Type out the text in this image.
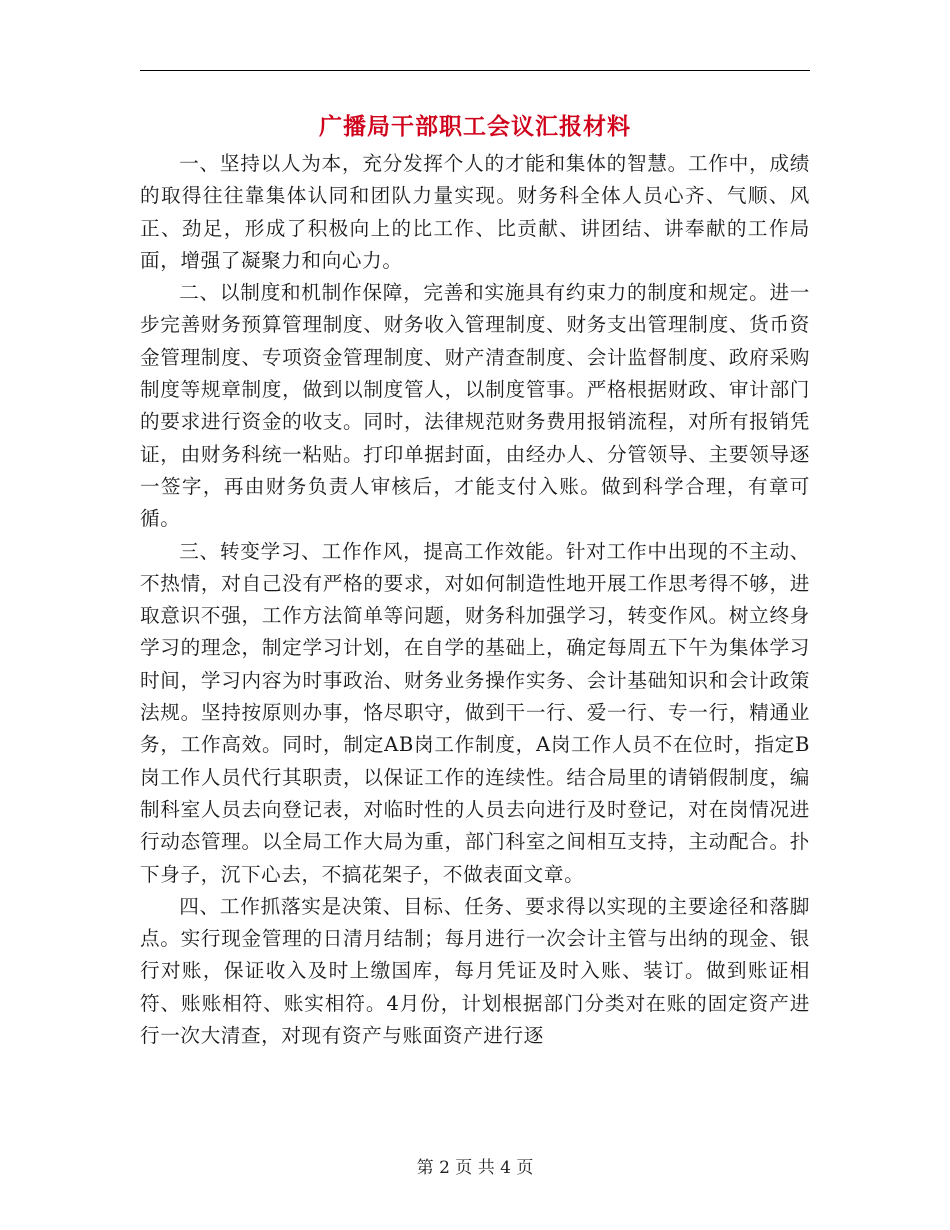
广播局干部职工会议汇报材料

一、坚持以人为本，充分发挥个人的才能和集体的智慧。工作中，成绩的取得往往靠集体认同和团队力量实现。财务科全体人员心齐、气顺、风正、劲足，形成了积极向上的比工作、比贡献、讲团结、讲奉献的工作局面，增强了凝聚力和向心力。

二、以制度和机制作保障，完善和实施具有约束力的制度和规定。进一步完善财务预算管理制度、财务收入管理制度、财务支出管理制度、货币资金管理制度、专项资金管理制度、财产清查制度、会计监督制度、政府采购制度等规章制度，做到以制度管人，以制度管事。严格根据财政、审计部门的要求进行资金的收支。同时，法律规范财务费用报销流程，对所有报销凭证，由财务科统一粘贴。打印单据封面，由经办人、分管领导、主要领导逐一签字，再由财务负责人审核后，才能支付入账。做到科学合理，有章可循。

三、转变学习、工作作风，提高工作效能。针对工作中出现的不主动、不热情，对自己没有严格的要求，对如何制造性地开展工作思考得不够，进取意识不强，工作方法简单等问题，财务科加强学习，转变作风。树立终身学习的理念，制定学习计划，在自学的基础上，确定每周五下午为集体学习时间，学习内容为时事政治、财务业务操作实务、会计基础知识和会计政策法规。坚持按原则办事，恪尽职守，做到干一行、爱一行、专一行，精通业务，工作高效。同时，制定AB岗工作制度，A岗工作人员不在位时，指定B岗工作人员代行其职责，以保证工作的连续性。结合局里的请销假制度，编制科室人员去向登记表，对临时性的人员去向进行及时登记，对在岗情况进行动态管理。以全局工作大局为重，部门科室之间相互支持，主动配合。扑下身子，沉下心去，不搞花架子，不做表面文章。

四、工作抓落实是决策、目标、任务、要求得以实现的主要途径和落脚点。实行现金管理的日清月结制；每月进行一次会计主管与出纳的现金、银行对账，保证收入及时上缴国库，每月凭证及时入账、装订。做到账证相符、账账相符、账实相符。4月份，计划根据部门分类对在账的固定资产进行一次大清查，对现有资产与账面资产进行逐

第 2 页 共 4 页
